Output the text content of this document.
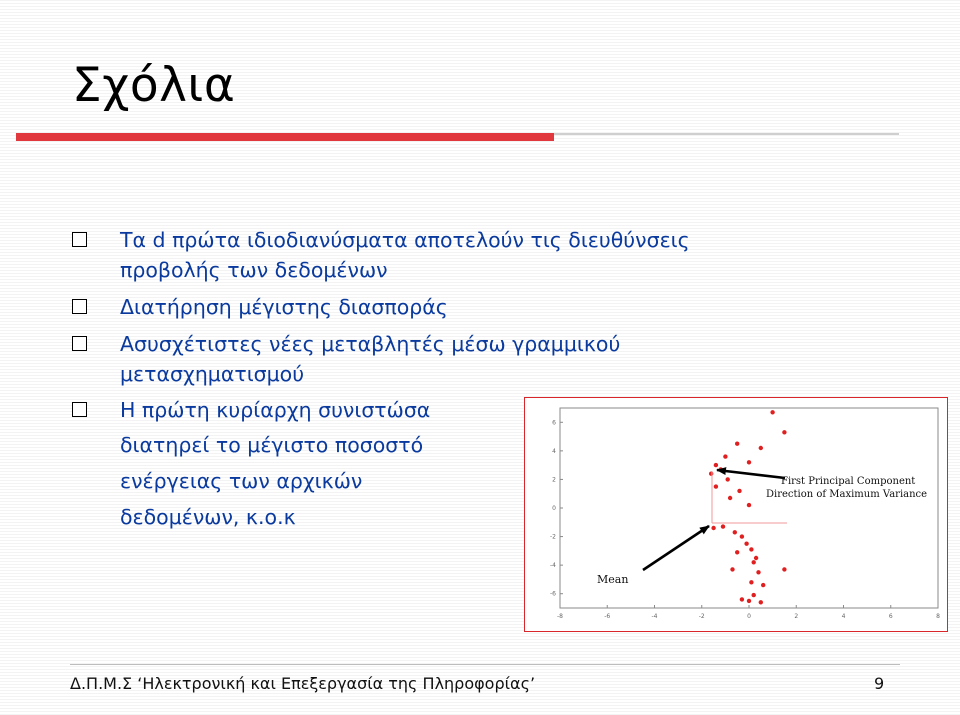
Σχόλια
Τα d πρώτα ιδιοδιανύσματα αποτελούν τις διευθύνσεις
προβολής των δεδομένων
Διατήρηση μέγιστης διασποράς
Ασυσχέτιστες νέες μεταβλητές μέσω γραμμικού
μετασχηματισμού
Η πρώτη κυρίαρχη συνιστώσα
διατηρεί το μέγιστο ποσοστό
ενέργειας των αρχικών
δεδομένων, κ.ο.κ
-8	-6	-4	-2	0	2	4	6	8
6
4
2
0
-2
-4
-6
First Principal Component
Direction of Maximum Variance
Mean
Δ.Π.Μ.Σ ‘Ηλεκτρονική και Επεξεργασία της Πληροφορίας’	9
